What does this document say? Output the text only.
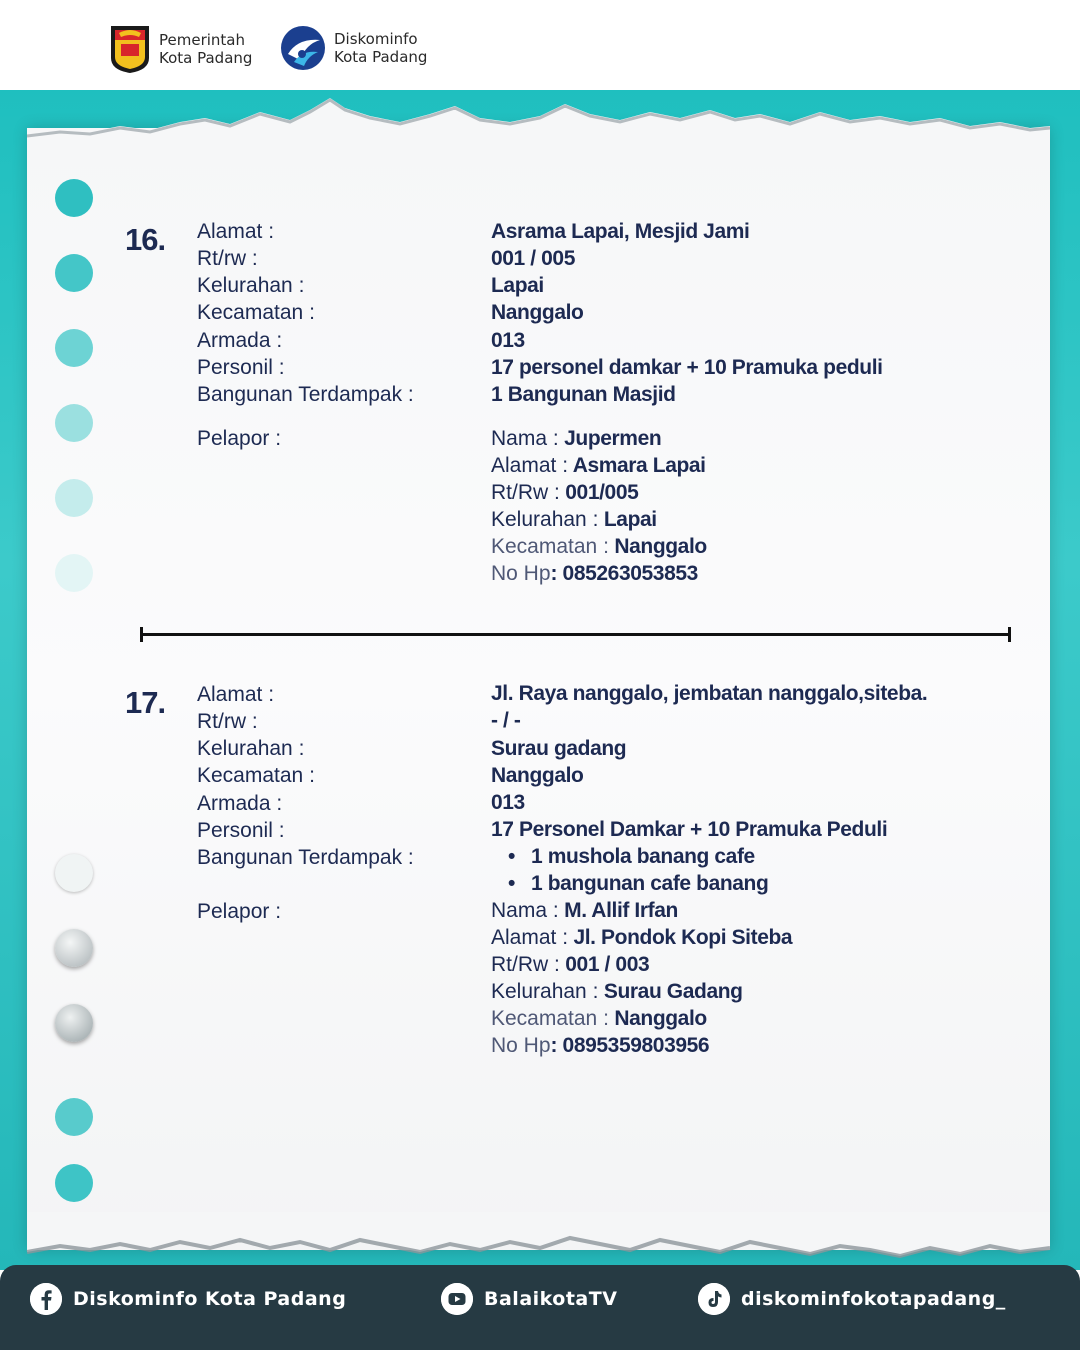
Pemerintah
Kota Padang
Diskominfo
Kota Padang
16. Alamat :
Rt/rw :
Kelurahan :
Kecamatan :
Armada :
Personil :
Bangunan Terdampak :
Pelapor :
Asrama Lapai, Mesjid Jami
001 / 005
Lapai
Nanggalo
013
17 personel damkar + 10 Pramuka peduli
1 Bangunan Masjid
Nama : Jupermen
Alamat : Asmara Lapai
Rt/Rw : 001/005
Kelurahan : Lapai
Kecamatan : Nanggalo
No Hp: 085263053853
17. Alamat :
Rt/rw :
Kelurahan :
Kecamatan :
Armada :
Personil :
Bangunan Terdampak :
Pelapor :
Jl. Raya nanggalo, jembatan nanggalo,siteba.
- / -
Surau gadang
Nanggalo
013
17 Personel Damkar + 10 Pramuka Peduli
• 1 mushola banang cafe
• 1 bangunan cafe banang
Nama : M. Allif Irfan
Alamat : Jl. Pondok Kopi Siteba
Rt/Rw : 001 / 003
Kelurahan : Surau Gadang
Kecamatan : Nanggalo
No Hp: 0895359803956
Diskominfo Kota Padang	BalaikotaTV	diskominfokotapadang_
